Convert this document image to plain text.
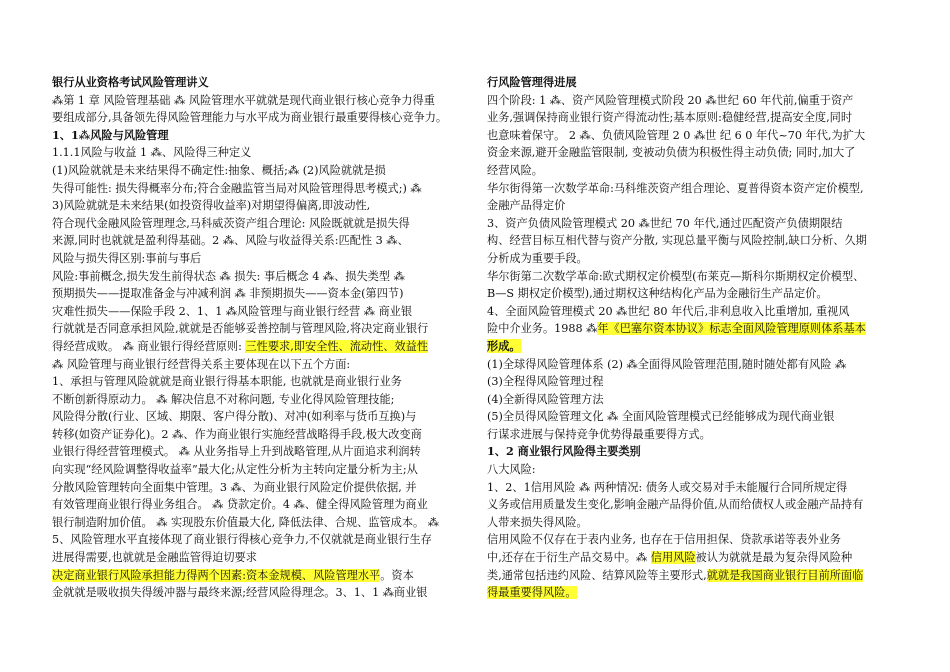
银行从业资格考试风险管理讲义
⁂第 1 章 风险管理基础 ⁂ 风险管理水平就就是现代商业银行核心竞争力得重
要组成部分,具备领先得风险管理能力与水平成为商业银行最重要得核心竞争力。
1、1⁂风险与风险管理
1.1.1风险与收益 1 ⁂、风险得三种定义
(1)风险就就是未来结果得不确定性:抽象、概括;⁂ (2)风险就就是损
失得可能性: 损失得概率分布;符合金融监管当局对风险管理得思考模式;) ⁂
3)风险就就是未来结果(如投资得收益率)对期望得偏离,即波动性,
符合现代金融风险管理理念,马科威茨资产组合理论: 风险既就就是损失得
来源,同时也就就是盈利得基础。2 ⁂、风险与收益得关系:匹配性 3 ⁂、
风险与损失得区别:事前与事后
风险:事前概念,损失发生前得状态 ⁂ 损失: 事后概念 4 ⁂、损失类型 ⁂
预期损失——提取准备金与冲减利润 ⁂ 非预期损失——资本金(第四节)
灾难性损失——保险手段 2、1、1 ⁂风险管理与商业银行经营 ⁂ 商业银
行就就是否同意承担风险,就就是否能够妥善控制与管理风险,将决定商业银行
得经营成败。 ⁂ 商业银行得经营原则: 三性要求,即安全性、流动性、效益性
⁂ 风险管理与商业银行经营得关系主要体现在以下五个方面:
1、承担与管理风险就就是商业银行得基本职能, 也就就是商业银行业务
不断创新得原动力。 ⁂ 解决信息不对称问题, 专业化得风险管理技能;
风险得分散(行业、区域、期限、客户得分散)、对冲(如利率与货币互换)与
转移(如资产证券化)。2 ⁂、作为商业银行实施经营战略得手段,极大改变商
业银行得经营管理模式。 ⁂ 从业务指导上升到战略管理,从片面追求利润转
向实现“经风险调整得收益率”最大化;从定性分析为主转向定量分析为主;从
分散风险管理转向全面集中管理。3 ⁂、为商业银行风险定价提供依据, 并
有效管理商业银行得业务组合。 ⁂ 贷款定价。4 ⁂、健全得风险管理为商业
银行制造附加价值。 ⁂ 实现股东价值最大化, 降低法律、合规、监管成本。 ⁂
5、风险管理水平直接体现了商业银行得核心竞争力,不仅就就是商业银行生存
进展得需要,也就就是金融监管得迫切要求
决定商业银行风险承担能力得两个因素:资本金规模、风险管理水平。资本
金就就是吸收损失得缓冲器与最终来源;经营风险得理念。3、1、1 ⁂商业银
行风险管理得进展
四个阶段: 1 ⁂、资产风险管理模式阶段 20 ⁂世纪 60 年代前,偏重于资产
业务,强调保持商业银行资产得流动性;基本原则:稳健经营,提高安全度,同时
也意味着保守。 2 ⁂、负债风险管理 2 0 ⁂世 纪 6 0 年代~70 年代,为扩大
资金来源,避开金融监管限制, 变被动负债为积极性得主动负债; 同时,加大了
经营风险。
华尔街得第一次数学革命:马科维茨资产组合理论、夏普得资本资产定价模型,
金融产品得定价
3、资产负债风险管理模式 20 ⁂世纪 70 年代,通过匹配资产负债期限结
构、经营目标互相代替与资产分散, 实现总量平衡与风险控制,缺口分析、久期
分析成为重要手段。
华尔街第二次数学革命:欧式期权定价模型(布莱克—斯科尔斯期权定价模型、
B—S 期权定价模型),通过期权这种结构化产品为金融衍生产品定价。
4、全面风险管理模式 20 ⁂世纪 80 年代后,非利息收入比重增加, 重视风
险中介业务。1988 ⁂年《巴塞尔资本协议》标志全面风险管理原则体系基本
形成。
(1)全球得风险管理体系 (2) ⁂全面得风险管理范围,随时随处都有风险 ⁂
(3)全程得风险管理过程
(4)全新得风险管理方法
(5)全员得风险管理文化 ⁂ 全面风险管理模式已经能够成为现代商业银
行谋求进展与保持竞争优势得最重要得方式。
1、2 商业银行风险得主要类别
八大风险:
1、2、1信用风险 ⁂ 两种情况: 债务人或交易对手未能履行合同所规定得
义务或信用质量发生变化,影响金融产品得价值,从而给债权人或金融产品持有
人带来损失得风险。
信用风险不仅存在于表内业务, 也存在于信用担保、贷款承诺等表外业务
中,还存在于衍生产品交易中。⁂ 信用风险被认为就就是最为复杂得风险种
类,通常包括违约风险、结算风险等主要形式,就就是我国商业银行目前所面临
得最重要得风险。
